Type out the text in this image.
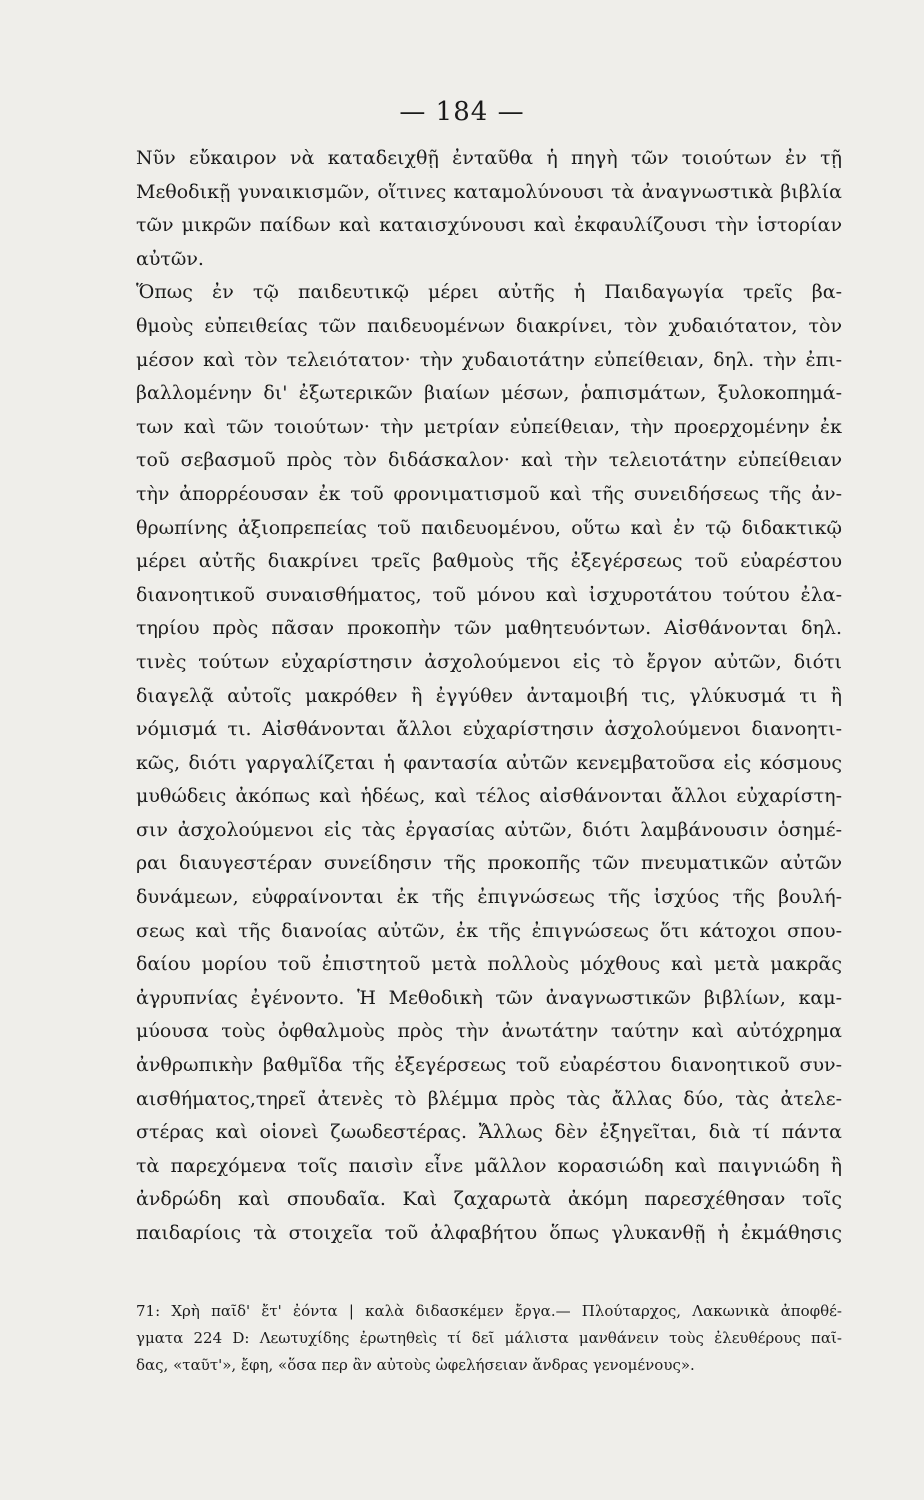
— 184 —
Νῦν εὔκαιρον νὰ καταδειχθῇ ἐνταῦθα ἡ πηγὴ τῶν τοιούτων ἐν τῇ
Μεθοδικῇ γυναικισμῶν, οἵτινες καταμολύνουσι τὰ ἀναγνωστικὰ βιβλία
τῶν μικρῶν παίδων καὶ καταισχύνουσι καὶ ἐκφαυλίζουσι τὴν ἱστορίαν
αὐτῶν.
Ὅπως ἐν τῷ παιδευτικῷ μέρει αὐτῆς ἡ Παιδαγωγία τρεῖς βα-
θμοὺς εὐπειθείας τῶν παιδευομένων διακρίνει, τὸν χυδαιότατον, τὸν
μέσον καὶ τὸν τελειότατον· τὴν χυδαιοτάτην εὐπείθειαν, δηλ. τὴν ἐπι-
βαλλομένην δι' ἐξωτερικῶν βιαίων μέσων, ῥαπισμάτων, ξυλοκοπημά-
των καὶ τῶν τοιούτων· τὴν μετρίαν εὐπείθειαν, τὴν προερχομένην ἐκ
τοῦ σεβασμοῦ πρὸς τὸν διδάσκαλον· καὶ τὴν τελειοτάτην εὐπείθειαν
τὴν ἀπορρέουσαν ἐκ τοῦ φρονιματισμοῦ καὶ τῆς συνειδήσεως τῆς ἀν-
θρωπίνης ἀξιοπρεπείας τοῦ παιδευομένου, οὕτω καὶ ἐν τῷ διδακτικῷ
μέρει αὐτῆς διακρίνει τρεῖς βαθμοὺς τῆς ἐξεγέρσεως τοῦ εὐαρέστου
διανοητικοῦ συναισθήματος, τοῦ μόνου καὶ ἰσχυροτάτου τούτου ἐλα-
τηρίου πρὸς πᾶσαν προκοπὴν τῶν μαθητευόντων. Αἰσθάνονται δηλ.
τινὲς τούτων εὐχαρίστησιν ἀσχολούμενοι εἰς τὸ ἔργον αὐτῶν, διότι
διαγελᾷ αὐτοῖς μακρόθεν ἢ ἐγγύθεν ἀνταμοιβή τις, γλύκυσμά τι ἢ
νόμισμά τι. Αἰσθάνονται ἄλλοι εὐχαρίστησιν ἀσχολούμενοι διανοητι-
κῶς, διότι γαργαλίζεται ἡ φαντασία αὐτῶν κενεμβατοῦσα εἰς κόσμους
μυθώδεις ἀκόπως καὶ ἡδέως, καὶ τέλος αἰσθάνονται ἄλλοι εὐχαρίστη-
σιν ἀσχολούμενοι εἰς τὰς ἐργασίας αὐτῶν, διότι λαμβάνουσιν ὁσημέ-
ραι διαυγεστέραν συνείδησιν τῆς προκοπῆς τῶν πνευματικῶν αὐτῶν
δυνάμεων, εὐφραίνονται ἐκ τῆς ἐπιγνώσεως τῆς ἰσχύος τῆς βουλή-
σεως καὶ τῆς διανοίας αὐτῶν, ἐκ τῆς ἐπιγνώσεως ὅτι κάτοχοι σπου-
δαίου μορίου τοῦ ἐπιστητοῦ μετὰ πολλοὺς μόχθους καὶ μετὰ μακρᾶς
ἀγρυπνίας ἐγένοντο. Ἡ Μεθοδικὴ τῶν ἀναγνωστικῶν βιβλίων, καμ-
μύουσα τοὺς ὀφθαλμοὺς πρὸς τὴν ἀνωτάτην ταύτην καὶ αὐτόχρημα
ἀνθρωπικὴν βαθμῖδα τῆς ἐξεγέρσεως τοῦ εὐαρέστου διανοητικοῦ συν-
αισθήματος,τηρεῖ ἀτενὲς τὸ βλέμμα πρὸς τὰς ἄλλας δύο, τὰς ἀτελε-
στέρας καὶ οἱονεὶ ζωωδεστέρας. Ἄλλως δὲν ἐξηγεῖται, διὰ τί πάντα
τὰ παρεχόμενα τοῖς παισὶν εἶνε μᾶλλον κορασιώδη καὶ παιγνιώδη ἢ
ἀνδρώδη καὶ σπουδαῖα. Καὶ ζαχαρωτὰ ἀκόμη παρεσχέθησαν τοῖς
παιδαρίοις τὰ στοιχεῖα τοῦ ἀλφαβήτου ὅπως γλυκανθῇ ἡ ἐκμάθησις
71: Χρὴ παῖδ' ἔτ' ἐόντα | καλὰ διδασκέμεν ἔργα.— Πλούταρχος, Λακωνικὰ ἀποφθέ-
γματα 224 D: Λεωτυχίδης ἐρωτηθεὶς τί δεῖ μάλιστα μανθάνειν τοὺς ἐλευθέρους παῖ-
δας, «ταῦτ'», ἔφη, «ὅσα περ ἂν αὐτοὺς ὠφελήσειαν ἄνδρας γενομένους».
